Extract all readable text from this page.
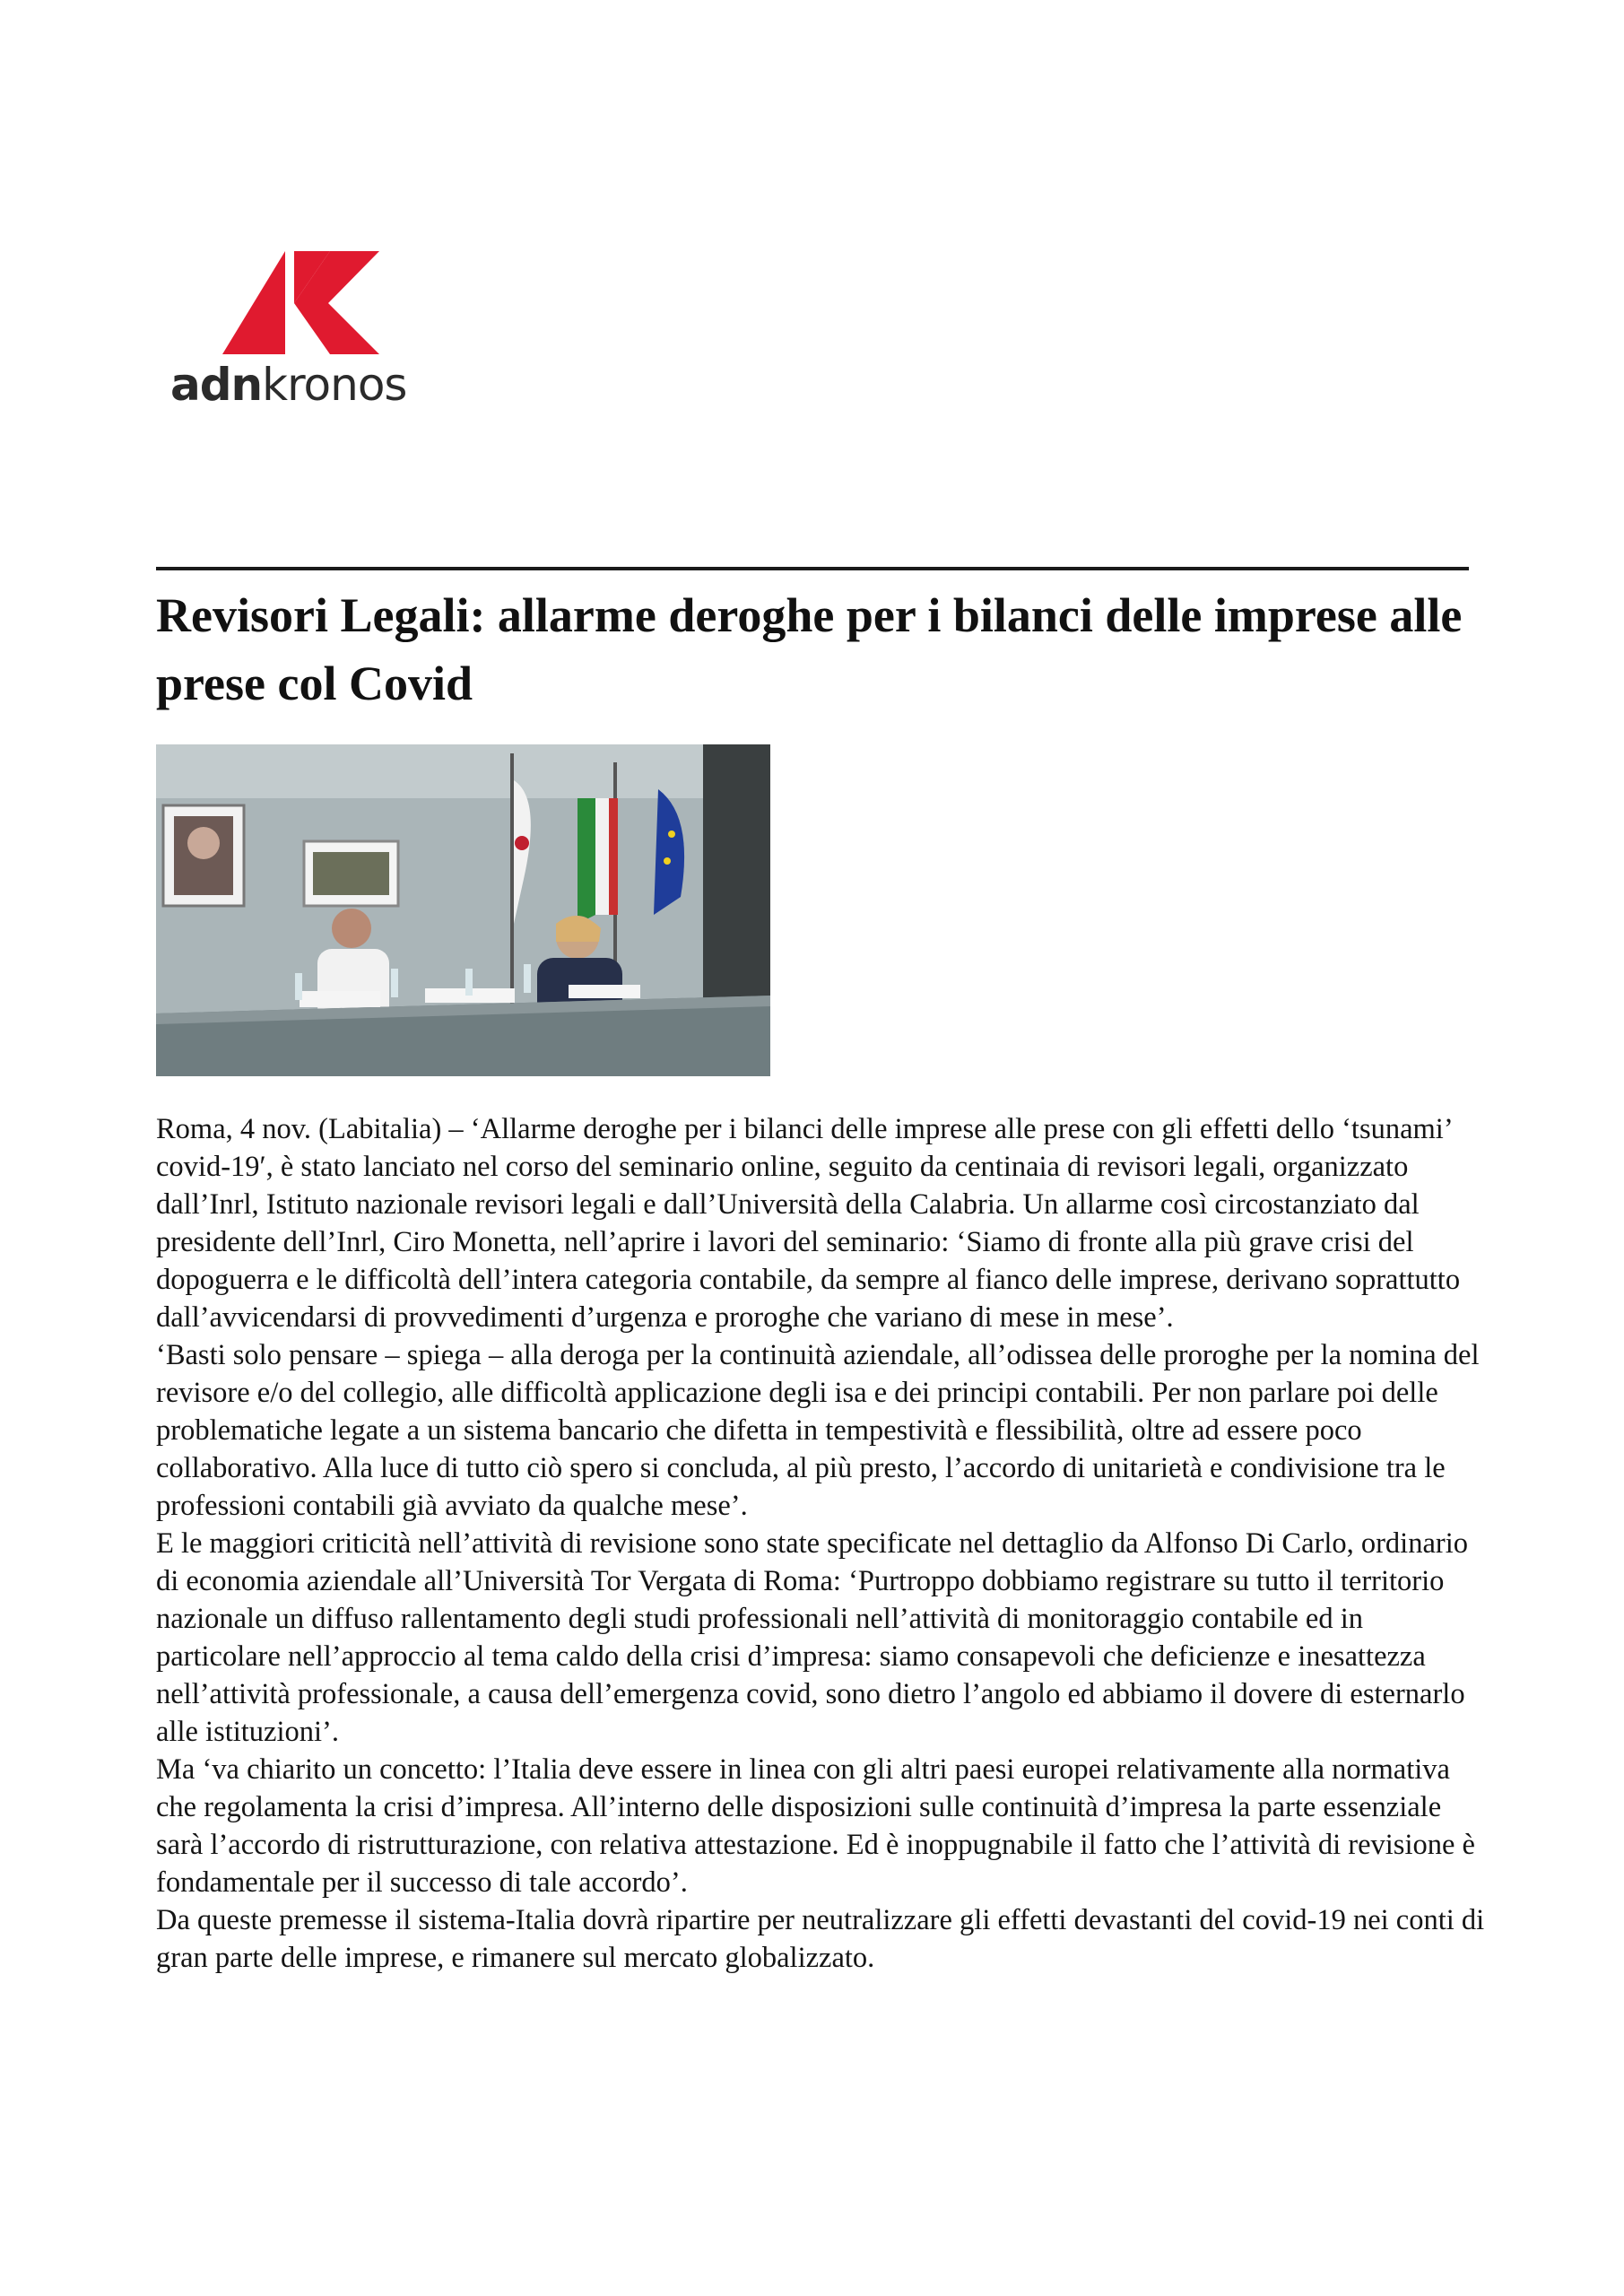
adnkronos
Revisori Legali: allarme deroghe per i bilanci delle imprese alle prese col Covid

Roma, 4 nov. (Labitalia) – ‘Allarme deroghe per i bilanci delle imprese alle prese con gli effetti dello ‘tsunami’ covid-19′, è stato lanciato nel corso del seminario online, seguito da centinaia di revisori legali, organizzato dall’Inrl, Istituto nazionale revisori legali e dall’Università della Calabria. Un allarme così circostanziato dal presidente dell’Inrl, Ciro Monetta, nell’aprire i lavori del seminario: ‘Siamo di fronte alla più grave crisi del dopoguerra e le difficoltà dell’intera categoria contabile, da sempre al fianco delle imprese, derivano soprattutto dall’avvicendarsi di provvedimenti d’urgenza e proroghe che variano di mese in mese’.

‘Basti solo pensare – spiega – alla deroga per la continuità aziendale, all’odissea delle proroghe per la nomina del revisore e/o del collegio, alle difficoltà applicazione degli isa e dei principi contabili. Per non parlare poi delle problematiche legate a un sistema bancario che difetta in tempestività e flessibilità, oltre ad essere poco collaborativo. Alla luce di tutto ciò spero si concluda, al più presto, l’accordo di unitarietà e condivisione tra le professioni contabili già avviato da qualche mese’.

E le maggiori criticità nell’attività di revisione sono state specificate nel dettaglio da Alfonso Di Carlo, ordinario di economia aziendale all’Università Tor Vergata di Roma: ‘Purtroppo dobbiamo registrare su tutto il territorio nazionale un diffuso rallentamento degli studi professionali nell’attività di monitoraggio contabile ed in particolare nell’approccio al tema caldo della crisi d’impresa: siamo consapevoli che deficienze e inesattezza nell’attività professionale, a causa dell’emergenza covid, sono dietro l’angolo ed abbiamo il dovere di esternarlo alle istituzioni’.

Ma ‘va chiarito un concetto: l’Italia deve essere in linea con gli altri paesi europei relativamente alla normativa che regolamenta la crisi d’impresa. All’interno delle disposizioni sulle continuità d’impresa la parte essenziale sarà l’accordo di ristrutturazione, con relativa attestazione. Ed è inoppugnabile il fatto che l’attività di revisione è fondamentale per il successo di tale accordo’.

Da queste premesse il sistema-Italia dovrà ripartire per neutralizzare gli effetti devastanti del covid-19 nei conti di gran parte delle imprese, e rimanere sul mercato globalizzato.
